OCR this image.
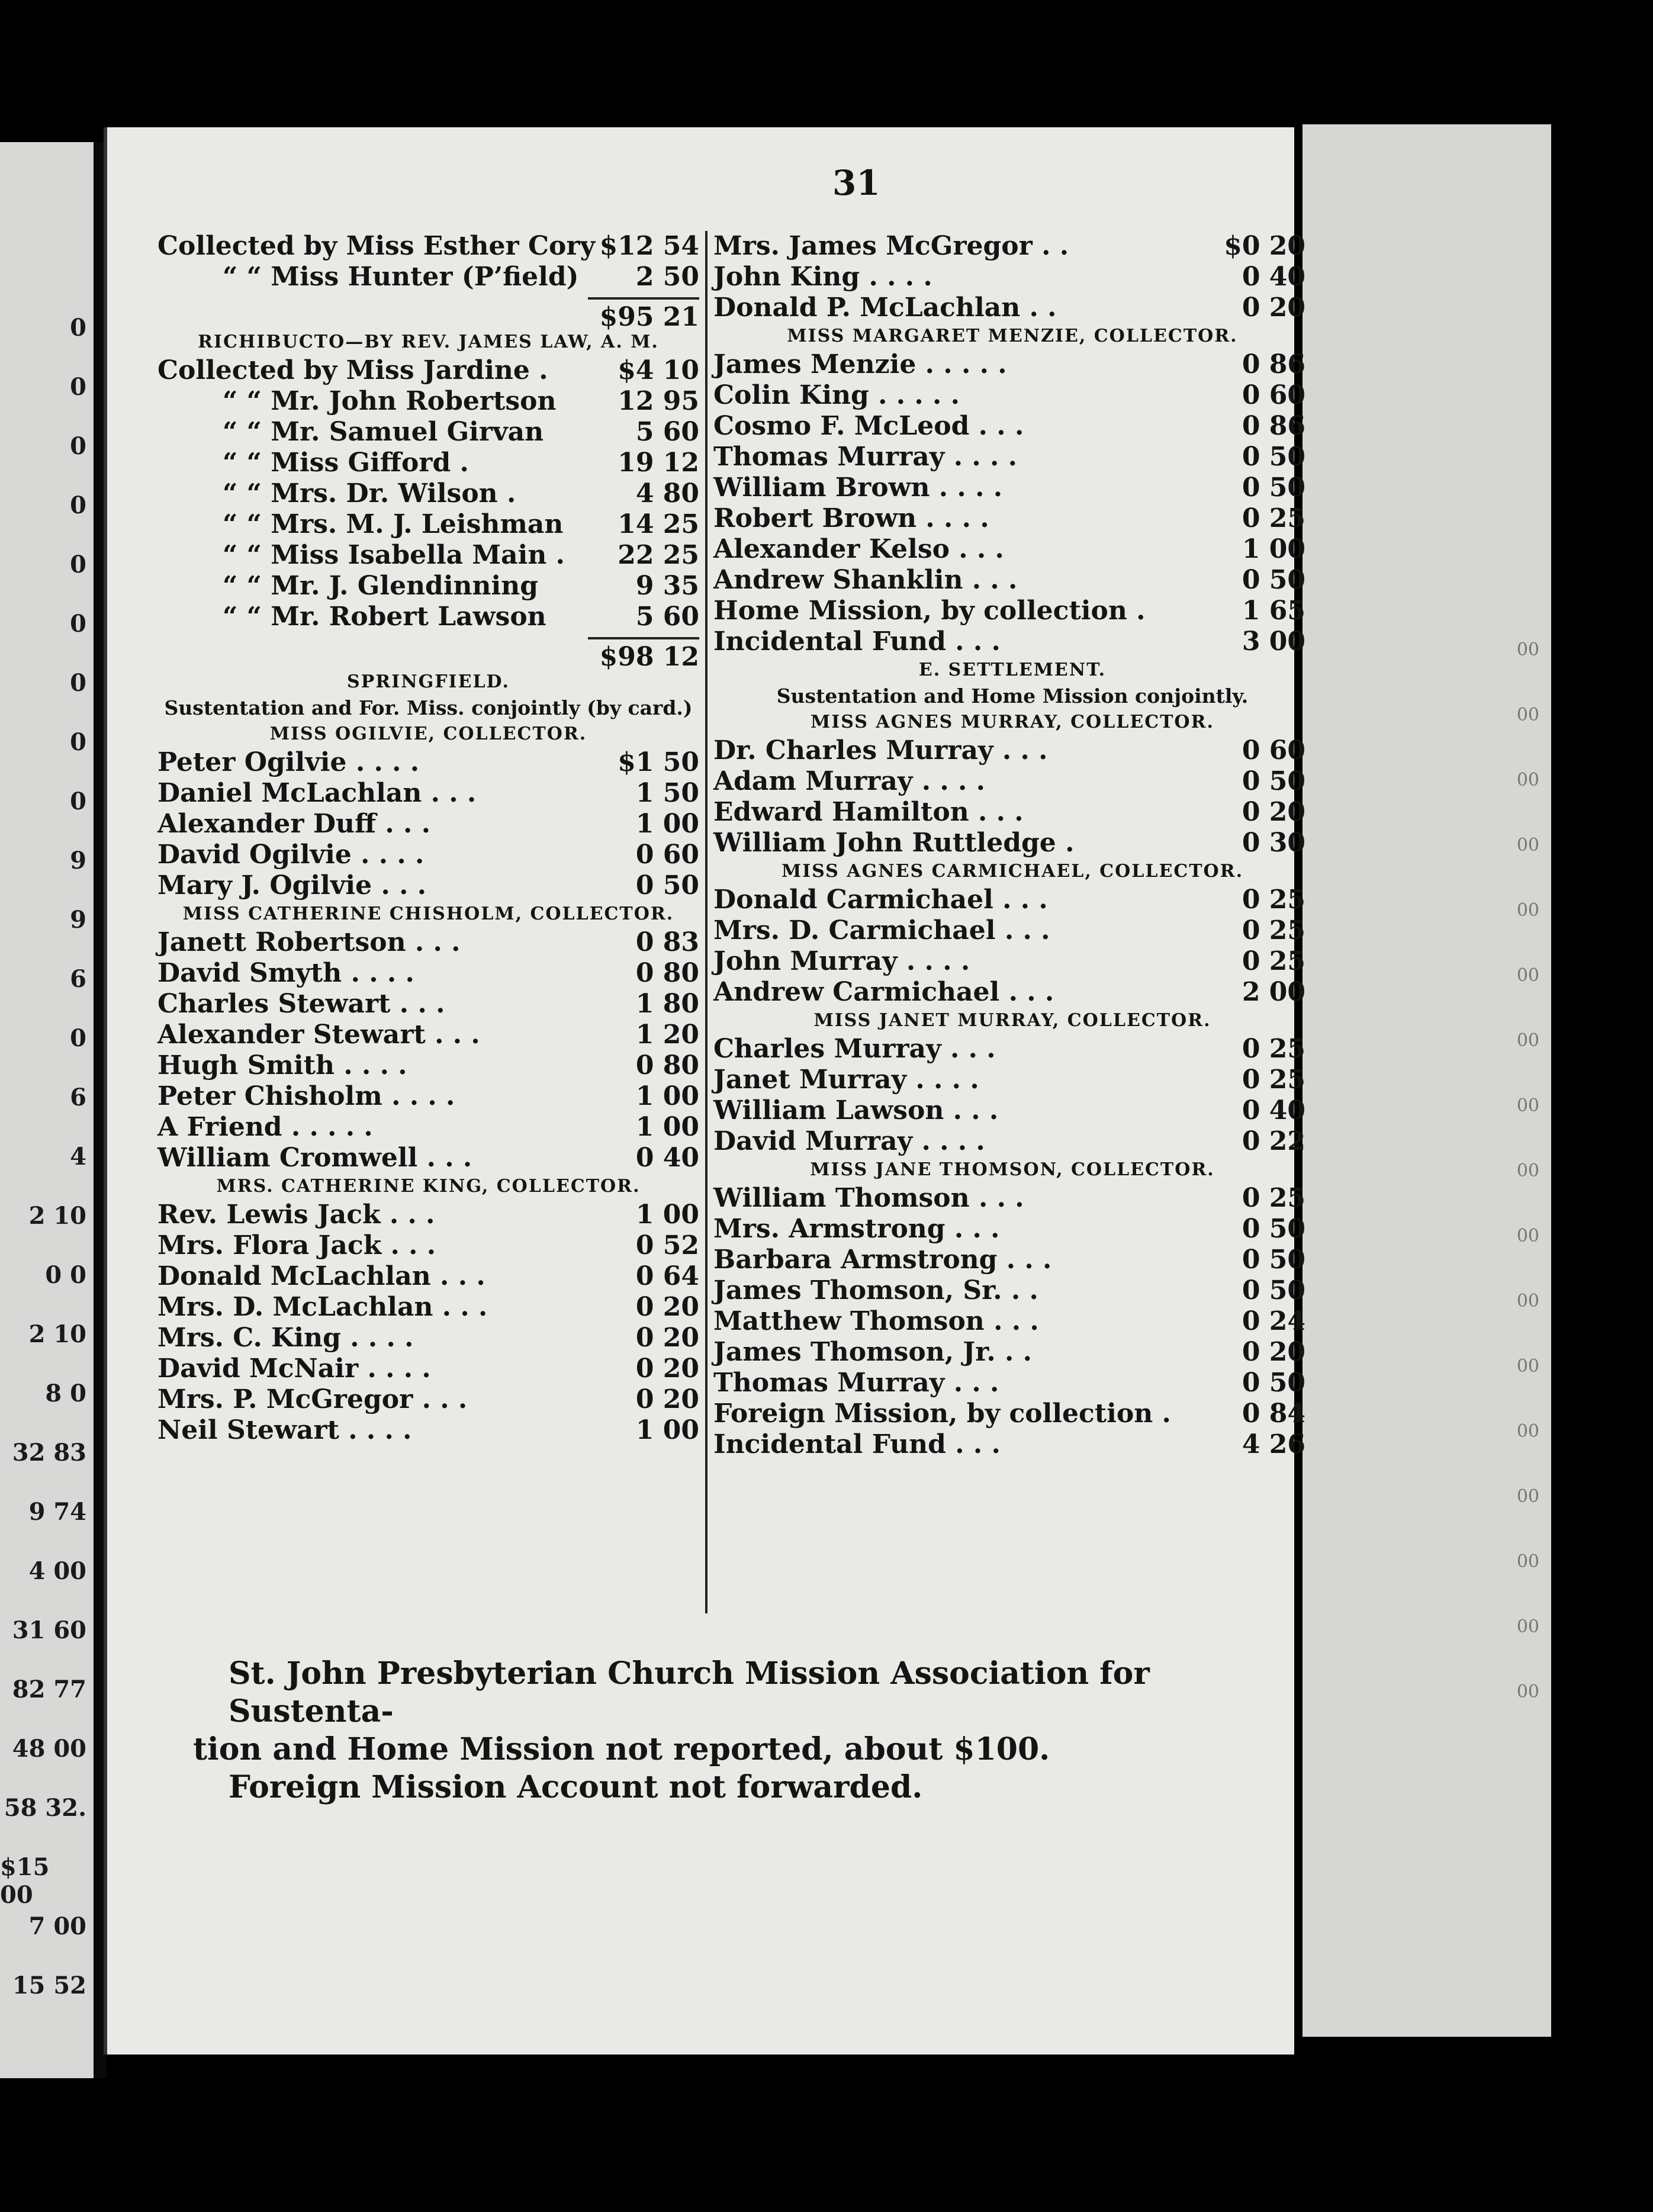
0
0
0
0
0
0
0
0
0
9
9
6
0
6
4
2 10
0 0
2 10
8 0
32 83
9 74
4 00
31 60
82 77
48 00
58 32.
$15 00
7 00
15 52
00
00
00
00
00
00
00
00
00
00
00
00
00
00
00
00
00
31
Collected by Miss Esther Cory $12 54
“ “ Miss Hunter (P’field) 2 50
$95 21
RICHIBUCTO—BY REV. JAMES LAW, A. M.
Collected by Miss Jardine .	$4 10
“ “ Mr. John Robertson 12 95
“ “ Mr. Samuel Girvan	5 60
“ “ Miss Gifford .	19 12
“ “ Mrs. Dr. Wilson .	4 80
“ “ Mrs. M. J. Leishman 14 25
“ “ Miss Isabella Main . 22 25
“ “ Mr. J. Glendinning	9 35
“ “ Mr. Robert Lawson	5 60
$98 12
SPRINGFIELD.
Sustentation and For. Miss. conjointly (by card.)
MISS OGILVIE, COLLECTOR.
Peter Ogilvie . . . .	$1 50
Daniel McLachlan . . .	1 50
Alexander Duff . . .	1 00
David Ogilvie . . . .	0 60
Mary J. Ogilvie . . .	0 50
MISS CATHERINE CHISHOLM, COLLECTOR.
Janett Robertson . . .	0 83
David Smyth . . . .	0 80
Charles Stewart . . .	1 80
Alexander Stewart . . .	1 20
Hugh Smith . . . .	0 80
Peter Chisholm . . . .	1 00
A Friend . . . . .	1 00
William Cromwell . . .	0 40
MRS. CATHERINE KING, COLLECTOR.
Rev. Lewis Jack . . .	1 00
Mrs. Flora Jack . . .	0 52
Donald McLachlan . . .	0 64
Mrs. D. McLachlan . . .	0 20
Mrs. C. King . . . .	0 20
David McNair . . . .	0 20
Mrs. P. McGregor . . .	0 20
Neil Stewart . . . .	1 00
Mrs. James McGregor . .	$0 20
John King . . . .	0 40
Donald P. McLachlan . .	0 20
MISS MARGARET MENZIE, COLLECTOR.
James Menzie . . . . .	0 86
Colin King . . . . .	0 60
Cosmo F. McLeod . . .	0 86
Thomas Murray . . . .	0 50
William Brown . . . .	0 50
Robert Brown . . . .	0 25
Alexander Kelso . . .	1 00
Andrew Shanklin . . .	0 50
Home Mission, by collection .	1 65
Incidental Fund . . .	3 00
E. SETTLEMENT.
Sustentation and Home Mission conjointly.
MISS AGNES MURRAY, COLLECTOR.
Dr. Charles Murray . . .	0 60
Adam Murray . . . .	0 50
Edward Hamilton . . .	0 20
William John Ruttledge .	0 30
MISS AGNES CARMICHAEL, COLLECTOR.
Donald Carmichael . . .	0 25
Mrs. D. Carmichael . . .	0 25
John Murray . . . .	0 25
Andrew Carmichael . . .	2 00
MISS JANET MURRAY, COLLECTOR.
Charles Murray . . .	0 25
Janet Murray . . . .	0 25
William Lawson . . .	0 40
David Murray . . . .	0 22
MISS JANE THOMSON, COLLECTOR.
William Thomson . . .	0 25
Mrs. Armstrong . . .	0 50
Barbara Armstrong . . .	0 50
James Thomson, Sr. . .	0 50
Matthew Thomson . . .	0 24
James Thomson, Jr. . .	0 20
Thomas Murray . . .	0 50
Foreign Mission, by collection .	0 84
Incidental Fund . . .	4 26

St. John Presbyterian Church Mission Association for Sustenta-

tion and Home Mission not reported, about $100.

Foreign Mission Account not forwarded.
